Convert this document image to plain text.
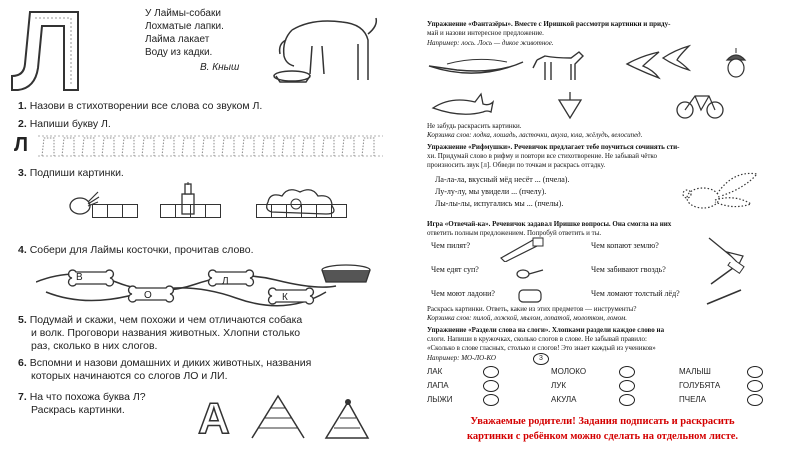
У Лаймы-собаки
Лохматые лапки.
Лайма лакает
Воду из кадки.
В. Кныш
1. Назови в стихотворении все слова со звуком Л.
2. Напиши букву Л.
Л
3. Подпиши картинки.
4. Собери для Лаймы косточки, прочитав слово.
В
О
Л
К
5. Подумай и скажи, чем похожи и чем отличаются собака
и волк. Проговори названия животных. Хлопни столько
раз, сколько в них слогов.
6. Вспомни и назови домашних и диких животных, названия
которых начинаются со слогов ЛО и ЛИ.
7. На что похожа буква Л?
Раскрась картинки. А
Упражнение «Фантазёры». Вместе с Иришкой рассмотри картинки и приду-
май и назови интересное предложение.
Например: лось. Лось — дикое животное.
Не забудь раскрасить картинки.
Корзинка слов: лодка, лошадь, ласточки, акула, юла, жёлудь, велосипед.
Упражнение «Рифмушки». Речевичок предлагает тебе поучиться сочинять сти-
хи. Придумай слово в рифму и повтори все стихотворение. Не забывай чётко
произносить звук [л]. Обведи по точкам и раскрась отгадку.
Ла-ла-ла, вкусный мёд несёт ... (пчела).
Лу-лу-лу, мы увидели ... (пчелу).
Лы-лы-лы, испугались мы ... (пчелы).
Игра «Отвечай-ка». Речевичок задавал Иришке вопросы. Она смогла на них
ответить полным предложением. Попробуй ответить и ты.
Чем пилят?	Чем копают землю?
Чем едят суп?	Чем забивают гвоздь?
Чем моют ладони?	Чем ломают толстый лёд?
Раскрась картинки. Ответь, какие из этих предметов — инструменты?
Корзинка слов: пилой, ложкой, мылом, лопатой, молотком, ломом.
Упражнение «Раздели слова на слоги». Хлопками раздели каждое слово на
слоги. Напиши в кружочках, сколько слогов в слове. Не забывай правило:
«Сколько в слове гласных, столько и слогов! Это знает каждый из учеников»
Например: МО-ЛО-КО	3
ЛАК	МОЛОКО	МАЛЫШ
ЛАПА	ЛУК	ГОЛУБЯТА
ЛЫЖИ	АКУЛА	ПЧЕЛА
Уважаемые родители! Задания подписать и раскрасить
картинки с ребёнком можно сделать на отдельном листе.
